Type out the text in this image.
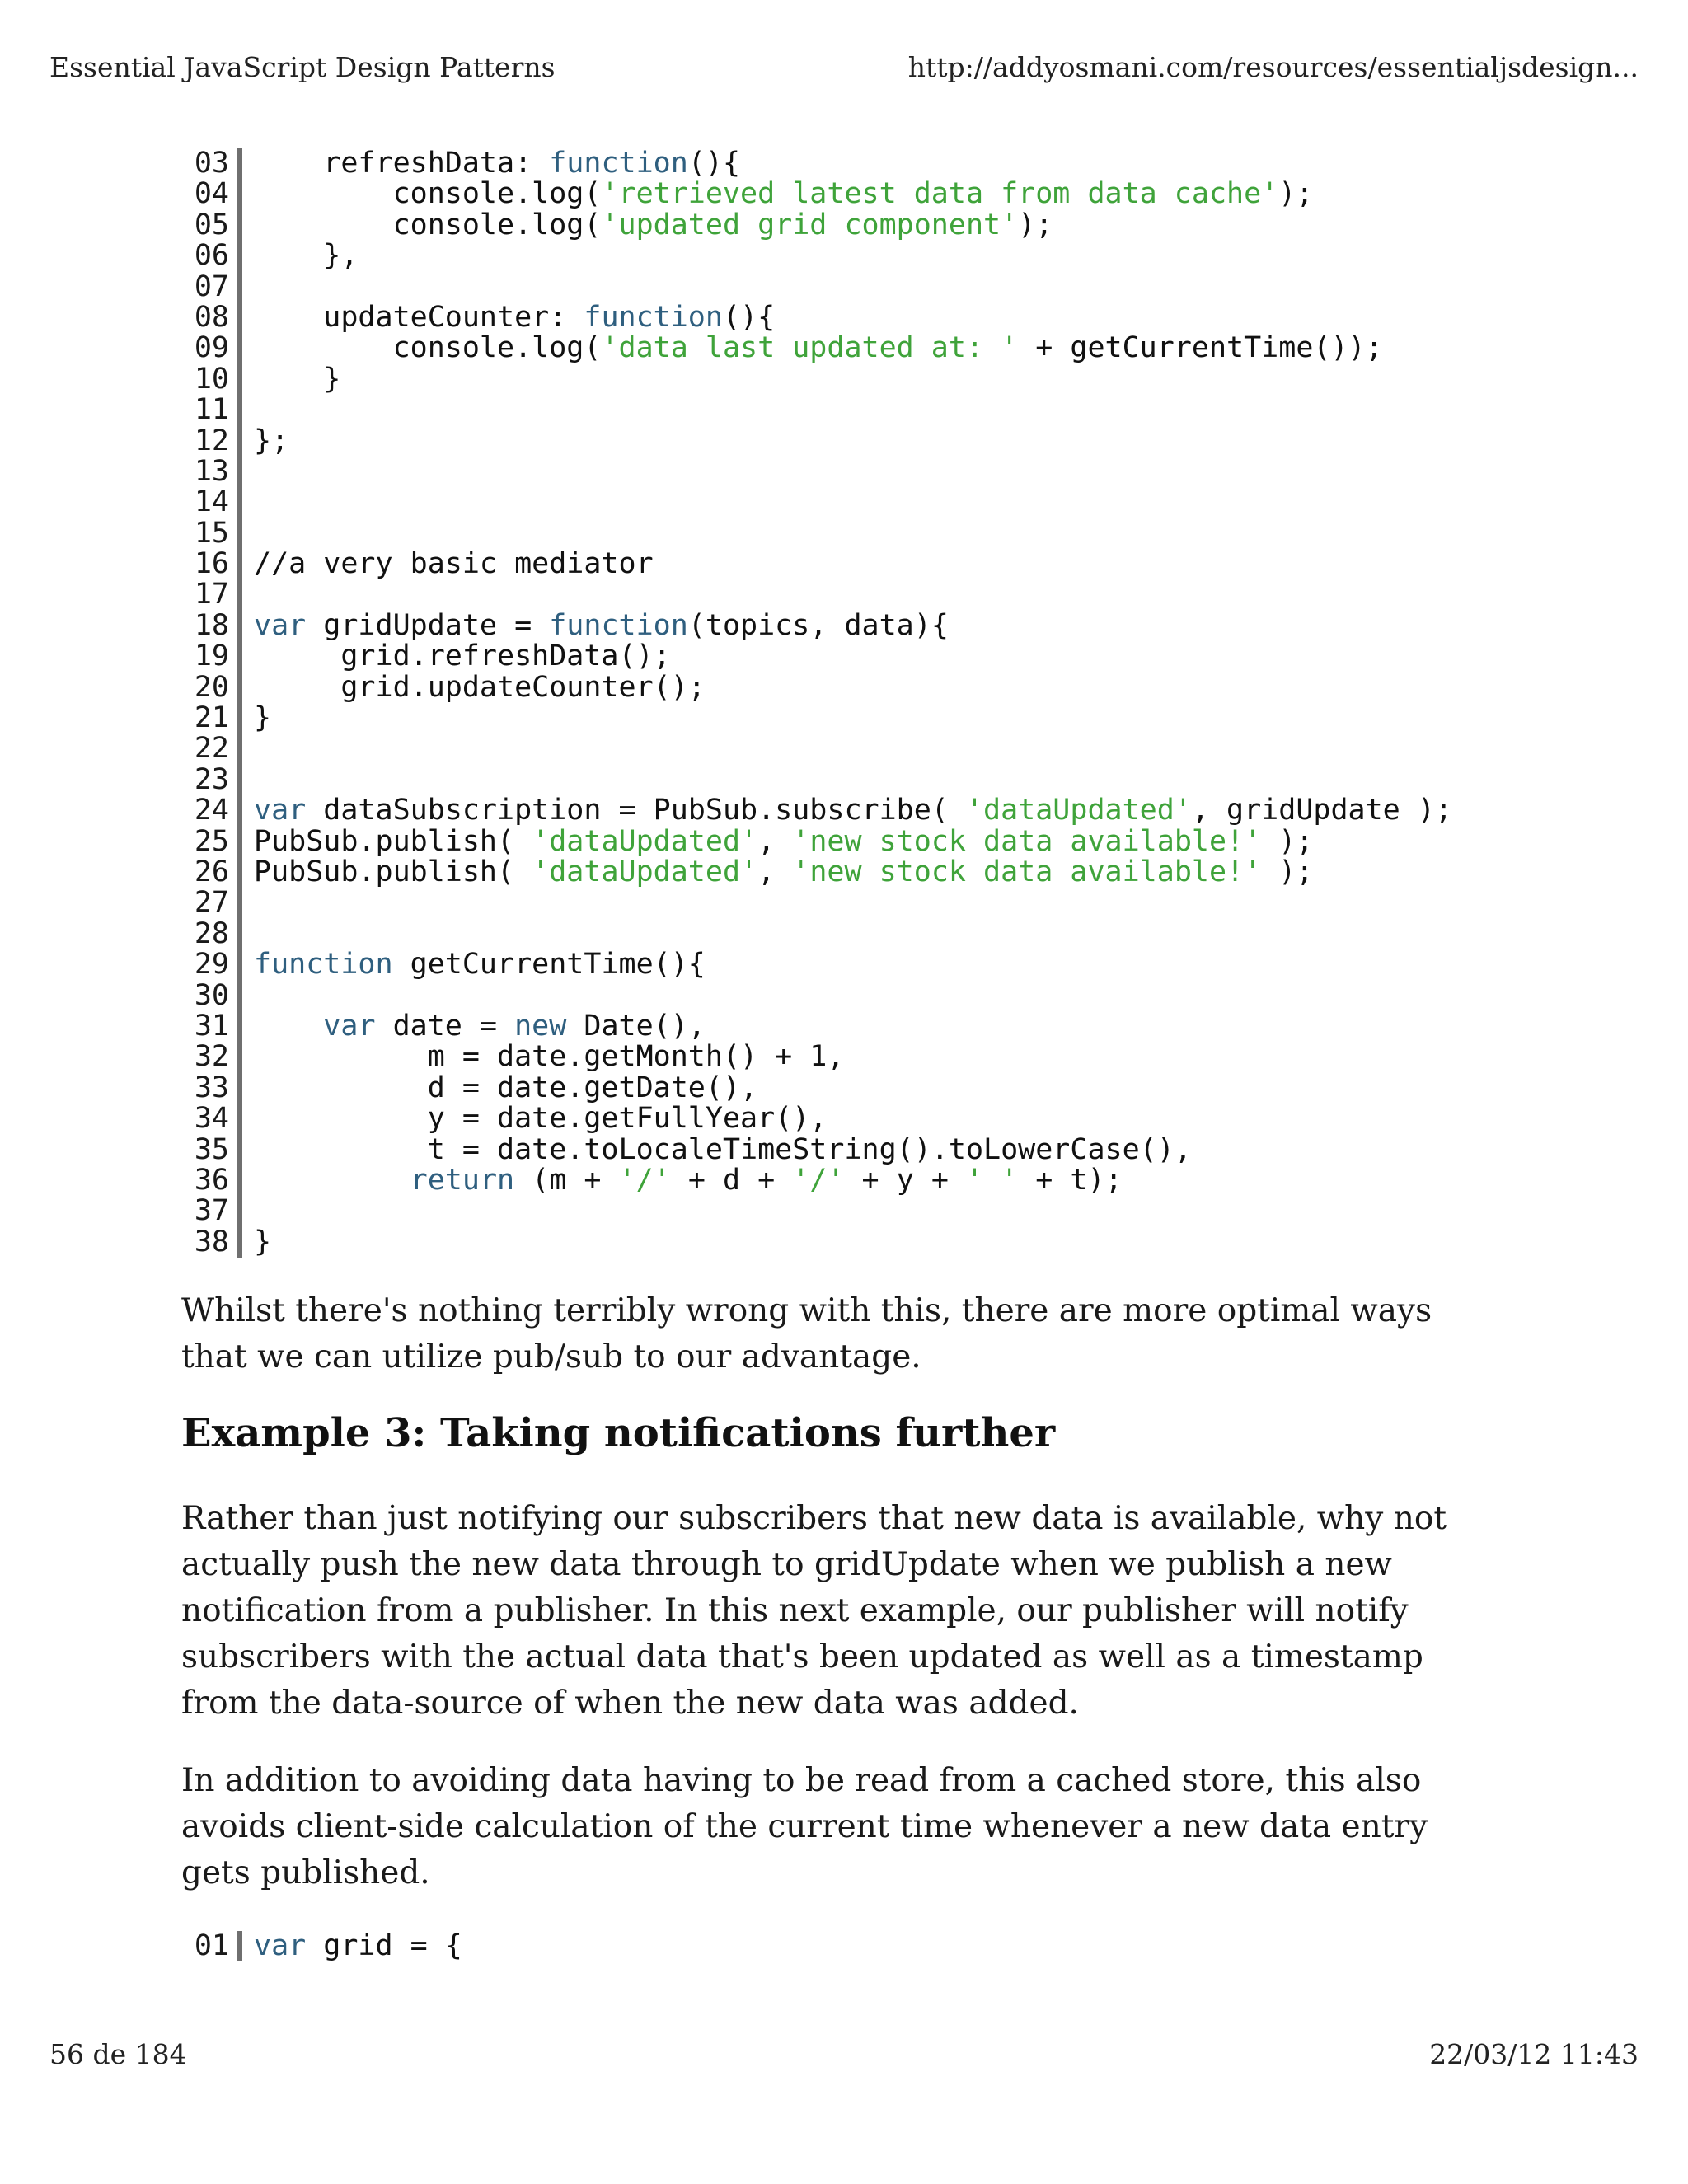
Essential JavaScript Design Patterns	http://addyosmani.com/resources/essentialjsdesign...
03 refreshData: function(){
04 console.log('retrieved latest data from data cache');
05 console.log('updated grid component');
06 },
07
08 updateCounter: function(){
09 console.log('data last updated at: ' + getCurrentTime());
10 }
11
12 };
13
14
15
16 //a very basic mediator
17
18 var gridUpdate = function(topics, data){
19 grid.refreshData();
20 grid.updateCounter();
21 }
22
23
24 var dataSubscription = PubSub.subscribe( 'dataUpdated', gridUpdate );
25 PubSub.publish( 'dataUpdated', 'new stock data available!' );
26 PubSub.publish( 'dataUpdated', 'new stock data available!' );
27
28
29 function getCurrentTime(){
30
31	var date = new Date(),
32 m = date.getMonth() + 1,
33 d = date.getDate(),
34 y = date.getFullYear(),
35 t = date.toLocaleTimeString().toLowerCase(),
36	return (m + '/' + d + '/' + y + ' ' + t);
37
38 }

Whilst there's nothing terribly wrong with this, there are more optimal ways that we can utilize pub/sub to our advantage.

Example 3: Taking notifications further

Rather than just notifying our subscribers that new data is available, why not actually push the new data through to gridUpdate when we publish a new notification from a publisher. In this next example, our publisher will notify subscribers with the actual data that's been updated as well as a timestamp from the data-source of when the new data was added.

In addition to avoiding data having to be read from a cached store, this also avoids client-side calculation of the current time whenever a new data entry gets published.

01 var grid = {
56 de 184	22/03/12 11:43
